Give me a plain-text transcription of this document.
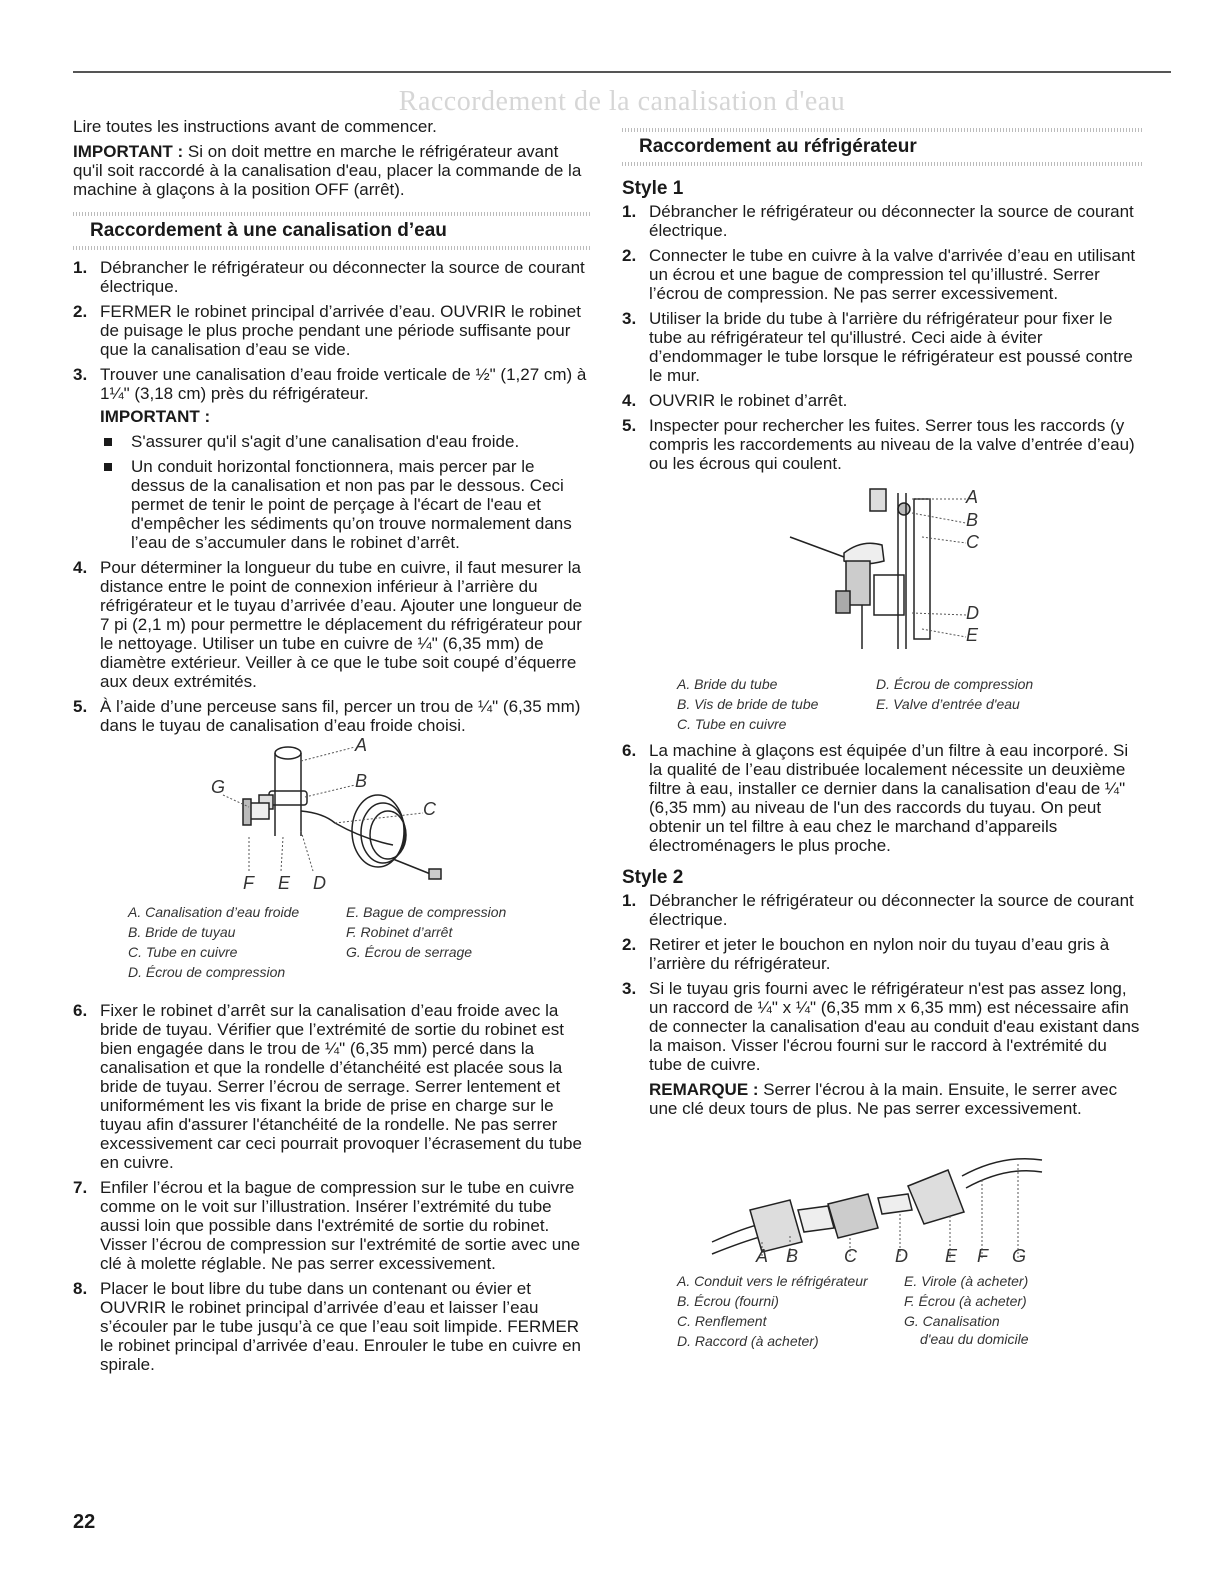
Raccordement de la canalisation d'eau

Lire toutes les instructions avant de commencer.

IMPORTANT : Si on doit mettre en marche le réfrigérateur avant qu'il soit raccordé à la canalisation d'eau, placer la commande de la machine à glaçons à la position OFF (arrêt).

Raccordement à une canalisation d’eau
1. Débrancher le réfrigérateur ou déconnecter la source de courant électrique.
2. FERMER le robinet principal d’arrivée d’eau. OUVRIR le robinet de puisage le plus proche pendant une période suffisante pour que la canalisation d’eau se vide.
3. Trouver une canalisation d’eau froide verticale de ½" (1,27 cm) à 1¼" (3,18 cm) près du réfrigérateur.
IMPORTANT :
S'assurer qu'il s'agit d’une canalisation d'eau froide.
Un conduit horizontal fonctionnera, mais percer par le dessus de la canalisation et non pas par le dessous. Ceci permet de tenir le point de perçage à l'écart de l'eau et d'empêcher les sédiments qu’on trouve normalement dans l’eau de s’accumuler dans le robinet d’arrêt.
4. Pour déterminer la longueur du tube en cuivre, il faut mesurer la distance entre le point de connexion inférieur à l’arrière du réfrigérateur et le tuyau d’arrivée d’eau. Ajouter une longueur de 7 pi (2,1 m) pour permettre le déplacement du réfrigérateur pour le nettoyage. Utiliser un tube en cuivre de ¼" (6,35 mm) de diamètre extérieur. Veiller à ce que le tube soit coupé d’équerre aux deux extrémités.
5. À l’aide d’une perceuse sans fil, percer un trou de ¼" (6,35 mm) dans le tuyau de canalisation d’eau froide choisi.
A
B
C
G
F E D
A. Canalisation d’eau froide
B. Bride de tuyau
C. Tube en cuivre
D. Écrou de compression
E. Bague de compression
F. Robinet d’arrêt
G. Écrou de serrage
6. Fixer le robinet d’arrêt sur la canalisation d’eau froide avec la bride de tuyau. Vérifier que l’extrémité de sortie du robinet est bien engagée dans le trou de ¼" (6,35 mm) percé dans la canalisation et que la rondelle d’étanchéité est placée sous la bride de tuyau. Serrer l’écrou de serrage. Serrer lentement et uniformément les vis fixant la bride de prise en charge sur le tuyau afin d'assurer l'étanchéité de la rondelle. Ne pas serrer excessivement car ceci pourrait provoquer l’écrasement du tube en cuivre.
7. Enfiler l’écrou et la bague de compression sur le tube en cuivre comme on le voit sur l’illustration. Insérer l’extrémité du tube aussi loin que possible dans l'extrémité de sortie du robinet. Visser l’écrou de compression sur l'extrémité de sortie avec une clé à molette réglable. Ne pas serrer excessivement.
8. Placer le bout libre du tube dans un contenant ou évier et OUVRIR le robinet principal d’arrivée d’eau et laisser l’eau s’écouler par le tube jusqu’à ce que l’eau soit limpide. FERMER le robinet principal d’arrivée d’eau. Enrouler le tube en cuivre en spirale.
Raccordement au réfrigérateur
Style 1
1. Débrancher le réfrigérateur ou déconnecter la source de courant électrique.
2. Connecter le tube en cuivre à la valve d'arrivée d’eau en utilisant un écrou et une bague de compression tel qu’illustré. Serrer l’écrou de compression. Ne pas serrer excessivement.
3. Utiliser la bride du tube à l'arrière du réfrigérateur pour fixer le tube au réfrigérateur tel qu'illustré. Ceci aide à éviter d’endommager le tube lorsque le réfrigérateur est poussé contre le mur.
4. OUVRIR le robinet d’arrêt.
5. Inspecter pour rechercher les fuites. Serrer tous les raccords (y compris les raccordements au niveau de la valve d’entrée d’eau) ou les écrous qui coulent.
A
B
C
D
E
A. Bride du tube
B. Vis de bride de tube
C. Tube en cuivre
D. Écrou de compression
E. Valve d’entrée d'eau
6. La machine à glaçons est équipée d’un filtre à eau incorporé. Si la qualité de l’eau distribuée localement nécessite un deuxième filtre à eau, installer ce dernier dans la canalisation d'eau de ¼" (6,35 mm) au niveau de l'un des raccords du tuyau. On peut obtenir un tel filtre à eau chez le marchand d’appareils électroménagers le plus proche.
Style 2
1. Débrancher le réfrigérateur ou déconnecter la source de courant électrique.
2. Retirer et jeter le bouchon en nylon noir du tuyau d’eau gris à l’arrière du réfrigérateur.
3. Si le tuyau gris fourni avec le réfrigérateur n'est pas assez long, un raccord de ¼" x ¼" (6,35 mm x 6,35 mm) est nécessaire afin de connecter la canalisation d'eau au conduit d'eau existant dans la maison. Visser l'écrou fourni sur le raccord à l'extrémité du tube de cuivre.

REMARQUE : Serrer l'écrou à la main. Ensuite, le serrer avec une clé deux tours de plus. Ne pas serrer excessivement.

A B	C D E F G
A. Conduit vers le réfrigérateur
B. Écrou (fourni)
C. Renflement
D. Raccord (à acheter)
E. Virole (à acheter)
F. Écrou (à acheter)
G. Canalisation
d'eau du domicile
22
